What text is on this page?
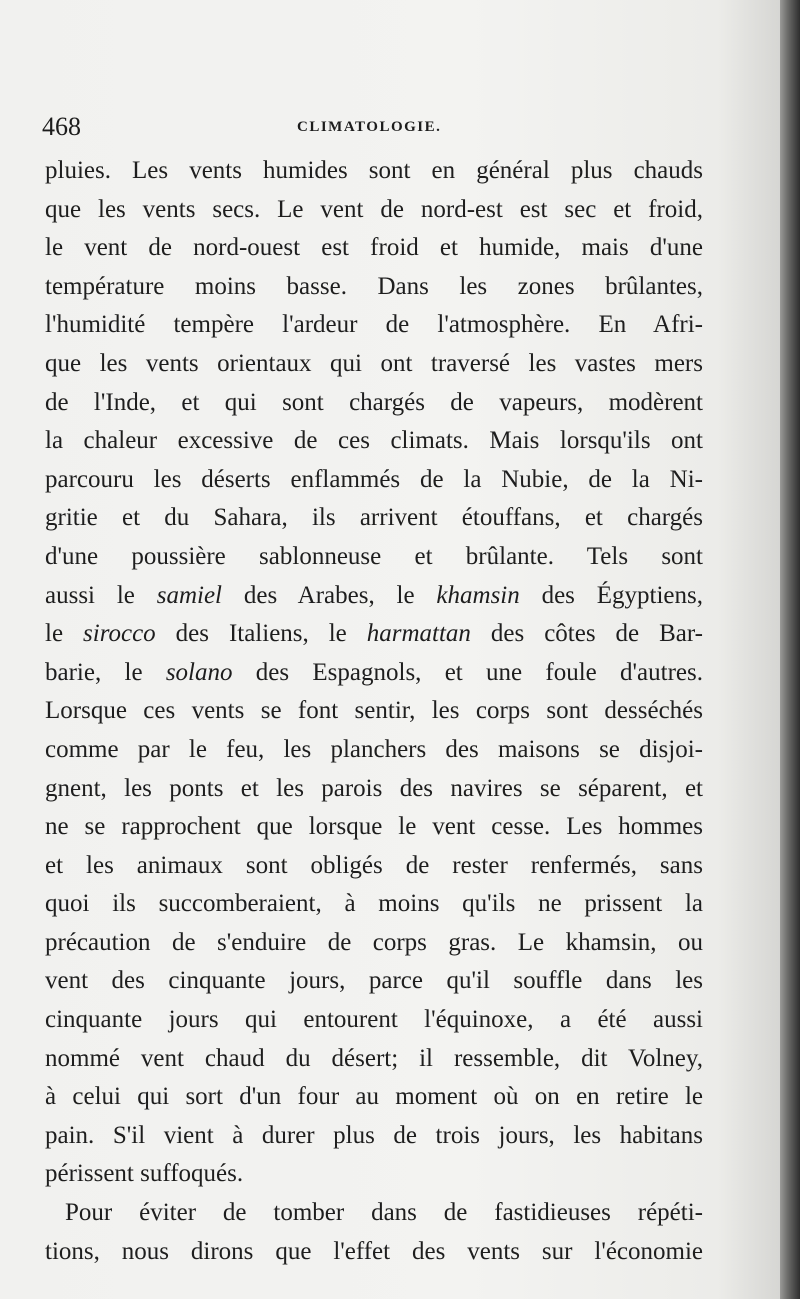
468	CLIMATOLOGIE.
pluies. Les vents humides sont en général plus chauds
que les vents secs. Le vent de nord-est est sec et froid,
le vent de nord-ouest est froid et humide, mais d'une
température moins basse. Dans les zones brûlantes,
l'humidité tempère l'ardeur de l'atmosphère. En Afri-
que les vents orientaux qui ont traversé les vastes mers
de l'Inde, et qui sont chargés de vapeurs, modèrent
la chaleur excessive de ces climats. Mais lorsqu'ils ont
parcouru les déserts enflammés de la Nubie, de la Ni-
gritie et du Sahara, ils arrivent étouffans, et chargés
d'une poussière sablonneuse et brûlante. Tels sont
aussi le samiel des Arabes, le khamsin des Égyptiens,
le sirocco des Italiens, le harmattan des côtes de Bar-
barie, le solano des Espagnols, et une foule d'autres.
Lorsque ces vents se font sentir, les corps sont desséchés
comme par le feu, les planchers des maisons se disjoi-
gnent, les ponts et les parois des navires se séparent, et
ne se rapprochent que lorsque le vent cesse. Les hommes
et les animaux sont obligés de rester renfermés, sans
quoi ils succomberaient, à moins qu'ils ne prissent la
précaution de s'enduire de corps gras. Le khamsin, ou
vent des cinquante jours, parce qu'il souffle dans les
cinquante jours qui entourent l'équinoxe, a été aussi
nommé vent chaud du désert; il ressemble, dit Volney,
à celui qui sort d'un four au moment où on en retire le
pain. S'il vient à durer plus de trois jours, les habitans
périssent suffoqués.
Pour éviter de tomber dans de fastidieuses répéti-
tions, nous dirons que l'effet des vents sur l'économie
